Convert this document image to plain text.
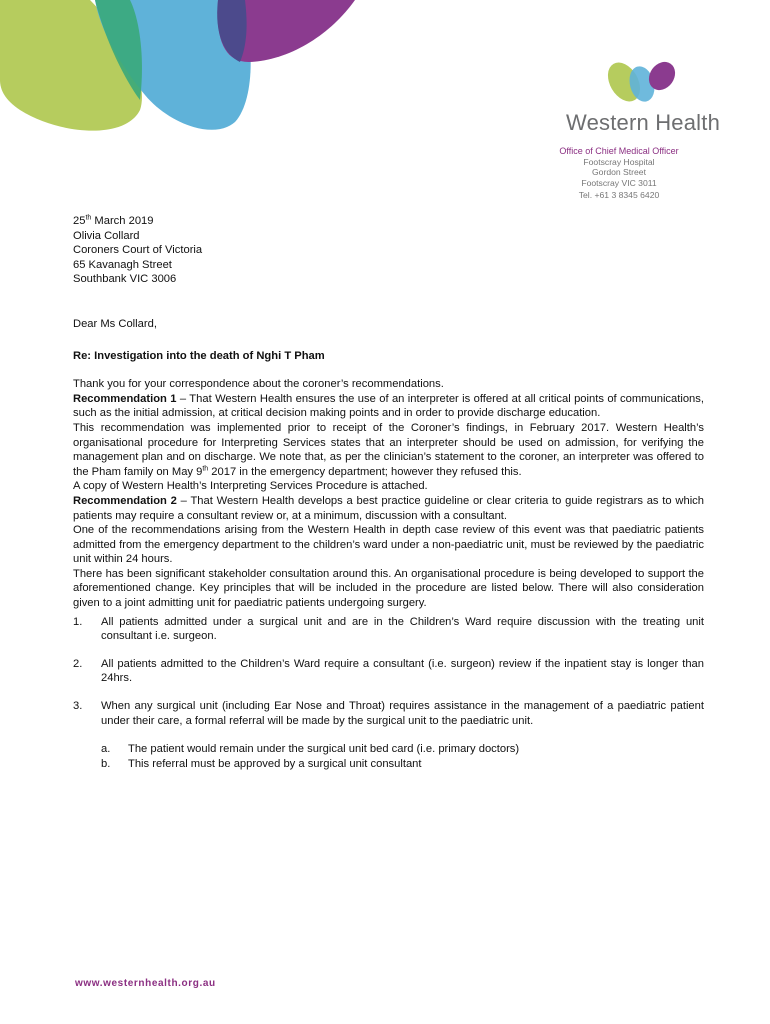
Western Health
Office of Chief Medical Officer
Footscray Hospital
Gordon Street
Footscray VIC 3011
Tel. +61 3 8345 6420

25th March 2019

Olivia Collard

Coroners Court of Victoria

65 Kavanagh Street

Southbank VIC 3006

Dear Ms Collard,

Re: Investigation into the death of Nghi T Pham

Thank you for your correspondence about the coroner’s recommendations.

Recommendation 1 – That Western Health ensures the use of an interpreter is offered at all critical points of communications, such as the initial admission, at critical decision making points and in order to provide discharge education.

This recommendation was implemented prior to receipt of the Coroner’s findings, in February 2017. Western Health’s organisational procedure for Interpreting Services states that an interpreter should be used on admission, for verifying the management plan and on discharge. We note that, as per the clinician’s statement to the coroner, an interpreter was offered to the Pham family on May 9th 2017 in the emergency department; however they refused this.

A copy of Western Health’s Interpreting Services Procedure is attached.

Recommendation 2 – That Western Health develops a best practice guideline or clear criteria to guide registrars as to which patients may require a consultant review or, at a minimum, discussion with a consultant.

One of the recommendations arising from the Western Health in depth case review of this event was that paediatric patients admitted from the emergency department to the children’s ward under a non-paediatric unit, must be reviewed by the paediatric unit within 24 hours.

There has been significant stakeholder consultation around this. An organisational procedure is being developed to support the aforementioned change. Key principles that will be included in the procedure are listed below. There will also consideration given to a joint admitting unit for paediatric patients undergoing surgery.

1. All patients admitted under a surgical unit and are in the Children’s Ward require discussion with the treating unit consultant i.e. surgeon.
2. All patients admitted to the Children’s Ward require a consultant (i.e. surgeon) review if the inpatient stay is longer than 24hrs.
3. When any surgical unit (including Ear Nose and Throat) requires assistance in the management of a paediatric patient under their care, a formal referral will be made by the surgical unit to the paediatric unit.
a. The patient would remain under the surgical unit bed card (i.e. primary doctors)
b. This referral must be approved by a surgical unit consultant
www.westernhealth.org.au
